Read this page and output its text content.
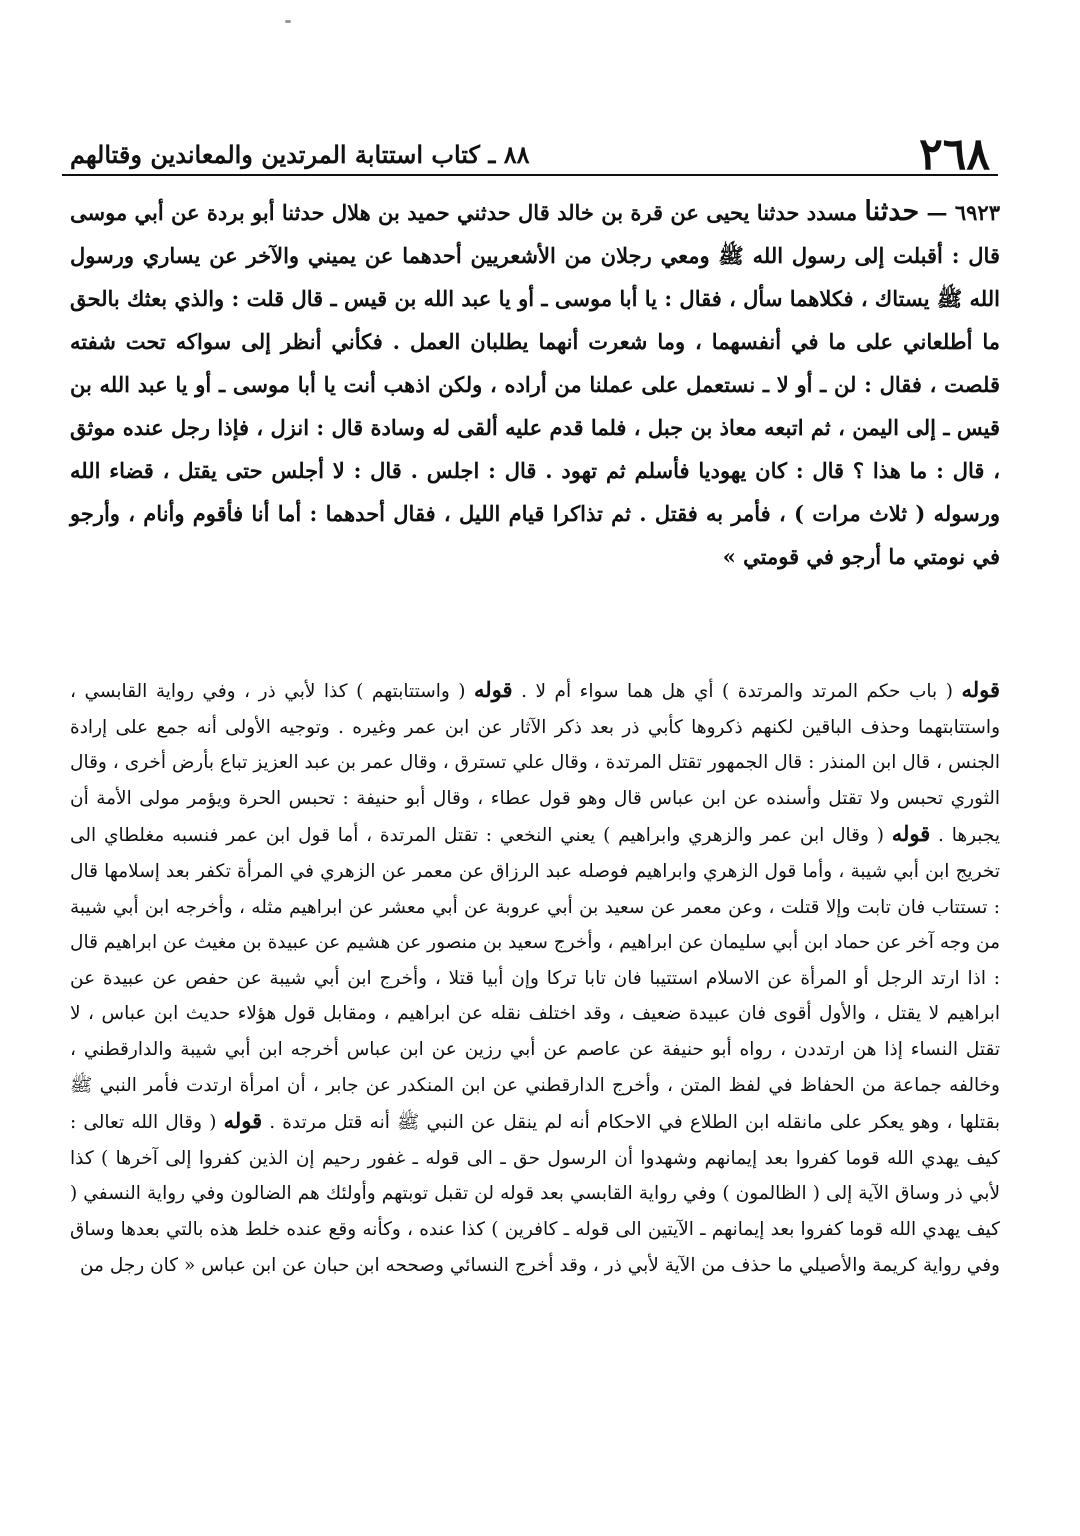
٢٦٨
٨٨ ـ كتاب استتابة المرتدين والمعاندين وقتالهم
٦٩٢٣ — حدثنا مسدد حدثنا يحيى عن قرة بن خالد قال حدثني حميد بن هلال حدثنا أبو بردة عن أبي موسى قال : أقبلت إلى رسول الله ﷺ ومعي رجلان من الأشعريين أحدهما عن يميني والآخر عن يساري ورسول الله ﷺ يستاك ، فكلاهما سأل ، فقال : يا أبا موسى ـ أو يا عبد الله بن قيس ـ قال قلت : والذي بعثك بالحق ما أطلعاني على ما في أنفسهما ، وما شعرت أنهما يطلبان العمل . فكأني أنظر إلى سواكه تحت شفته قلصت ، فقال : لن ـ أو لا ـ نستعمل على عملنا من أراده ، ولكن اذهب أنت يا أبا موسى ـ أو يا عبد الله بن قيس ـ إلى اليمن ، ثم اتبعه معاذ بن جبل ، فلما قدم عليه ألقى له وسادة قال : انزل ، فإذا رجل عنده موثق ، قال : ما هذا ؟ قال : كان يهوديا فأسلم ثم تهود . قال : اجلس . قال : لا أجلس حتى يقتل ، قضاء الله ورسوله ( ثلاث مرات ) ، فأمر به فقتل . ثم تذاكرا قيام الليل ، فقال أحدهما : أما أنا فأقوم وأنام ، وأرجو في نومتي ما أرجو في قومتي »
قوله ( باب حكم المرتد والمرتدة ) أي هل هما سواء أم لا . قوله ( واستتابتهم ) كذا لأبي ذر ، وفي رواية القابسي ، واستتابتهما وحذف الباقين لكنهم ذكروها كأبي ذر بعد ذكر الآثار عن ابن عمر وغيره . وتوجيه الأولى أنه جمع على إرادة الجنس ، قال ابن المنذر : قال الجمهور تقتل المرتدة ، وقال علي تسترق ، وقال عمر بن عبد العزيز تباع بأرض أخرى ، وقال الثوري تحبس ولا تقتل وأسنده عن ابن عباس قال وهو قول عطاء ، وقال أبو حنيفة : تحبس الحرة ويؤمر مولى الأمة أن يجبرها . قوله ( وقال ابن عمر والزهري وابراهيم ) يعني النخعي : تقتل المرتدة ، أما قول ابن عمر فنسبه مغلطاي الى تخريج ابن أبي شيبة ، وأما قول الزهري وابراهيم فوصله عبد الرزاق عن معمر عن الزهري في المرأة تكفر بعد إسلامها قال : تستتاب فان تابت وإلا قتلت ، وعن معمر عن سعيد بن أبي عروبة عن أبي معشر عن ابراهيم مثله ، وأخرجه ابن أبي شيبة من وجه آخر عن حماد ابن أبي سليمان عن ابراهيم ، وأخرج سعيد بن منصور عن هشيم عن عبيدة بن مغيث عن ابراهيم قال : اذا ارتد الرجل أو المرأة عن الاسلام استتيبا فان تابا تركا وإن أبيا قتلا ، وأخرج ابن أبي شيبة عن حفص عن عبيدة عن ابراهيم لا يقتل ، والأول أقوى فان عبيدة ضعيف ، وقد اختلف نقله عن ابراهيم ، ومقابل قول هؤلاء حديث ابن عباس ، لا تقتل النساء إذا هن ارتددن ، رواه أبو حنيفة عن عاصم عن أبي رزين عن ابن عباس أخرجه ابن أبي شيبة والدارقطني ، وخالفه جماعة من الحفاظ في لفظ المتن ، وأخرج الدارقطني عن ابن المنكدر عن جابر ، أن امرأة ارتدت فأمر النبي ﷺ بقتلها ، وهو يعكر على مانقله ابن الطلاع في الاحكام أنه لم ينقل عن النبي ﷺ أنه قتل مرتدة . قوله ( وقال الله تعالى : كيف يهدي الله قوما كفروا بعد إيمانهم وشهدوا أن الرسول حق ـ الى قوله ـ غفور رحيم إن الذين كفروا إلى آخرها ) كذا لأبي ذر وساق الآية إلى ( الظالمون ) وفي رواية القابسي بعد قوله لن تقبل توبتهم وأولئك هم الضالون وفي رواية النسفي ( كيف يهدي الله قوما كفروا بعد إيمانهم ـ الآيتين الى قوله ـ كافرين ) كذا عنده ، وكأنه وقع عنده خلط هذه بالتي بعدها وساق وفي رواية كريمة والأصيلي ما حذف من الآية لأبي ذر ، وقد أخرج النسائي وصححه ابن حبان عن ابن عباس « كان رجل من
